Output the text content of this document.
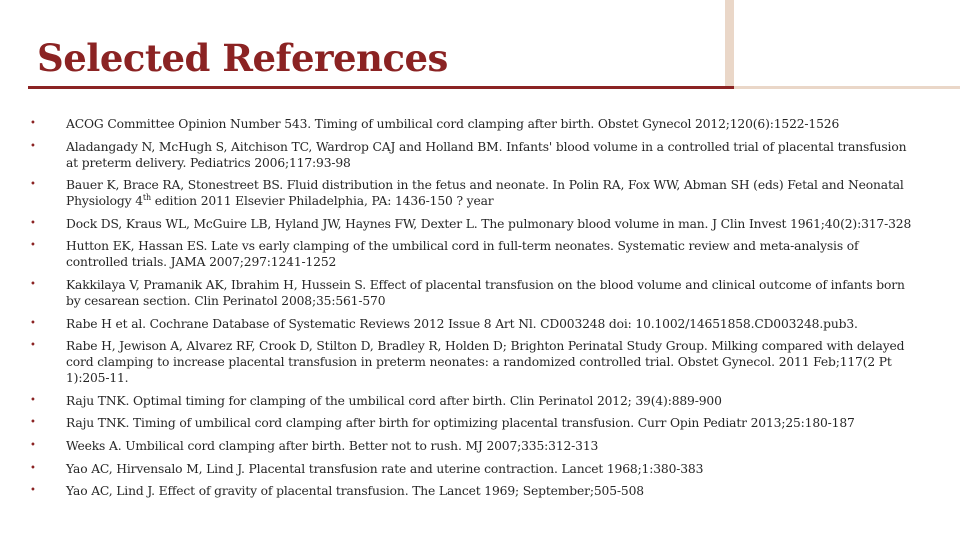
Selected References
• ACOG Committee Opinion Number 543. Timing of umbilical cord clamping after birth. Obstet Gynecol 2012;120(6):1522-1526
• Aladangady N, McHugh S, Aitchison TC, Wardrop CAJ and Holland BM. Infants' blood volume in a controlled trial of placental transfusion at preterm delivery. Pediatrics 2006;117:93-98
• Bauer K, Brace RA, Stonestreet BS. Fluid distribution in the fetus and neonate. In Polin RA, Fox WW, Abman SH (eds) Fetal and Neonatal Physiology 4th edition 2011 Elsevier Philadelphia, PA: 1436-150 ? year
• Dock DS, Kraus WL, McGuire LB, Hyland JW, Haynes FW, Dexter L. The pulmonary blood volume in man. J Clin Invest 1961;40(2):317-328
• Hutton EK, Hassan ES. Late vs early clamping of the umbilical cord in full-term neonates. Systematic review and meta-analysis of controlled trials. JAMA 2007;297:1241-1252
• Kakkilaya V, Pramanik AK, Ibrahim H, Hussein S. Effect of placental transfusion on the blood volume and clinical outcome of infants born by cesarean section. Clin Perinatol 2008;35:561-570
• Rabe H et al. Cochrane Database of Systematic Reviews 2012 Issue 8 Art Nl. CD003248 doi: 10.1002/14651858.CD003248.pub3.
• Rabe H, Jewison A, Alvarez RF, Crook D, Stilton D, Bradley R, Holden D; Brighton Perinatal Study Group. Milking compared with delayed cord clamping to increase placental transfusion in preterm neonates: a randomized controlled trial. Obstet Gynecol. 2011 Feb;117(2 Pt 1):205-11.
• Raju TNK. Optimal timing for clamping of the umbilical cord after birth. Clin Perinatol 2012; 39(4):889-900
• Raju TNK. Timing of umbilical cord clamping after birth for optimizing placental transfusion. Curr Opin Pediatr 2013;25:180-187
• Weeks A. Umbilical cord clamping after birth. Better not to rush. MJ 2007;335:312-313
• Yao AC, Hirvensalo M, Lind J. Placental transfusion rate and uterine contraction. Lancet 1968;1:380-383
• Yao AC, Lind J. Effect of gravity of placental transfusion. The Lancet 1969; September;505-508
